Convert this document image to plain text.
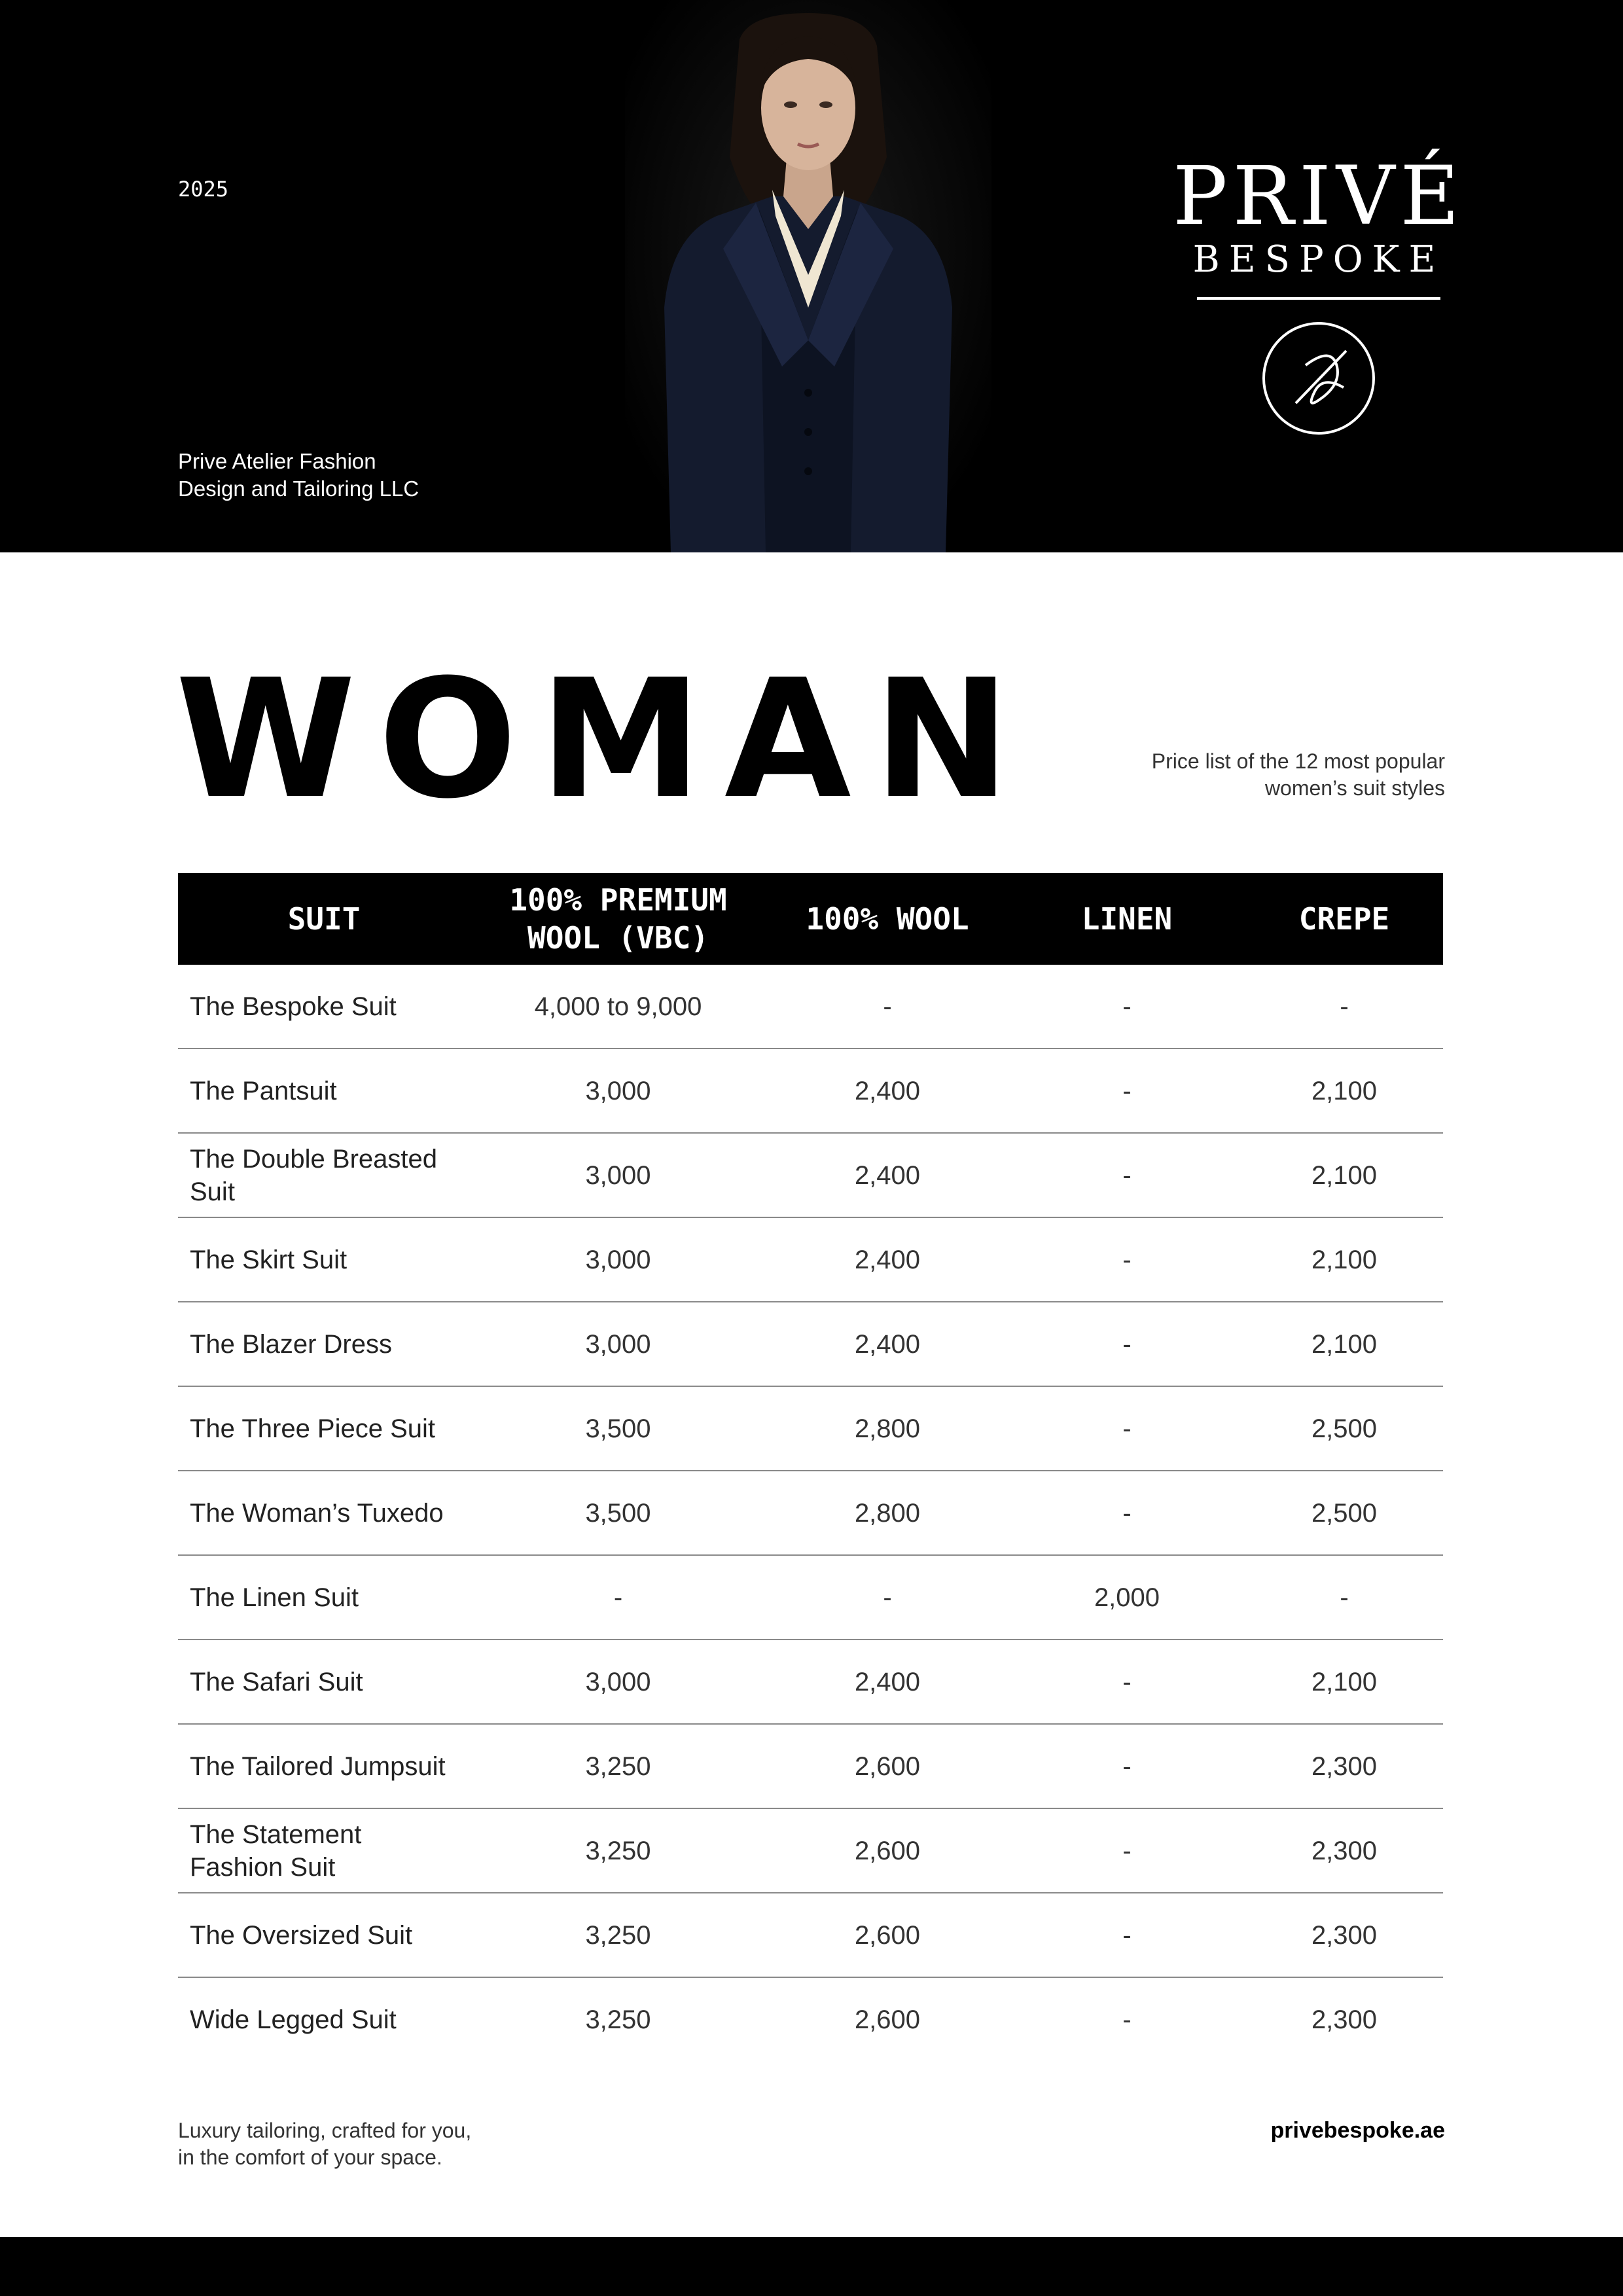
2025
Prive Atelier Fashion
Design and Tailoring LLC
PRIVÉ
BESPOKE
WOMAN	Price list of the 12 most popular
women’s suit styles
SUIT	100% PREMIUM WOOL (VBC)	100% WOOL	LINEN	CREPE
The Bespoke Suit	4,000 to 9,000	-	-	-
The Pantsuit	3,000	2,400	-	2,100
The Double Breasted Suit	3,000	2,400	-	2,100
The Skirt Suit	3,000	2,400	-	2,100
The Blazer Dress	3,000	2,400	-	2,100
The Three Piece Suit	3,500	2,800	-	2,500
The Woman’s Tuxedo	3,500	2,800	-	2,500
The Linen Suit	-	-	2,000	-
The Safari Suit	3,000	2,400	-	2,100
The Tailored Jumpsuit	3,250	2,600	-	2,300
The Statement Fashion Suit	3,250	2,600	-	2,300
The Oversized Suit	3,250	2,600	-	2,300
Wide Legged Suit	3,250	2,600	-	2,300
Luxury tailoring, crafted for you,
in the comfort of your space.
privebespoke.ae
